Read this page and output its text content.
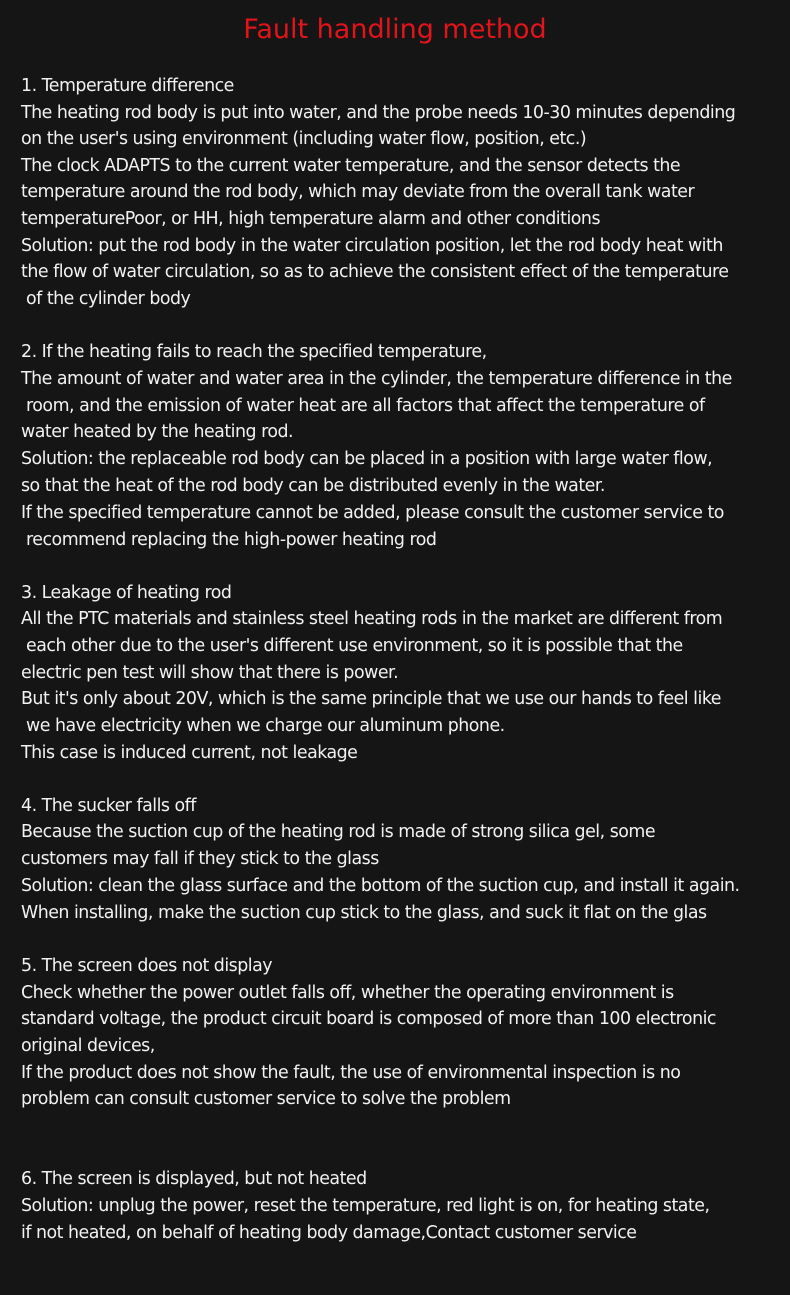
Fault handling method
1. Temperature difference
The heating rod body is put into water, and the probe needs 10-30 minutes depending
on the user's using environment (including water flow, position, etc.)
The clock ADAPTS to the current water temperature, and the sensor detects the
temperature around the rod body, which may deviate from the overall tank water
temperaturePoor, or HH, high temperature alarm and other conditions
Solution: put the rod body in the water circulation position, let the rod body heat with
the flow of water circulation, so as to achieve the consistent effect of the temperature
of the cylinder body
2. If the heating fails to reach the specified temperature,
The amount of water and water area in the cylinder, the temperature difference in the
room, and the emission of water heat are all factors that affect the temperature of
water heated by the heating rod.
Solution: the replaceable rod body can be placed in a position with large water flow,
so that the heat of the rod body can be distributed evenly in the water.
If the specified temperature cannot be added, please consult the customer service to
recommend replacing the high-power heating rod
3. Leakage of heating rod
All the PTC materials and stainless steel heating rods in the market are different from
each other due to the user's different use environment, so it is possible that the
electric pen test will show that there is power.
But it's only about 20V, which is the same principle that we use our hands to feel like
we have electricity when we charge our aluminum phone.
This case is induced current, not leakage
4. The sucker falls off
Because the suction cup of the heating rod is made of strong silica gel, some
customers may fall if they stick to the glass
Solution: clean the glass surface and the bottom of the suction cup, and install it again.
When installing, make the suction cup stick to the glass, and suck it flat on the glas
5. The screen does not display
Check whether the power outlet falls off, whether the operating environment is
standard voltage, the product circuit board is composed of more than 100 electronic
original devices,
If the product does not show the fault, the use of environmental inspection is no
problem can consult customer service to solve the problem
6. The screen is displayed, but not heated
Solution: unplug the power, reset the temperature, red light is on, for heating state,
if not heated, on behalf of heating body damage,Contact customer service
